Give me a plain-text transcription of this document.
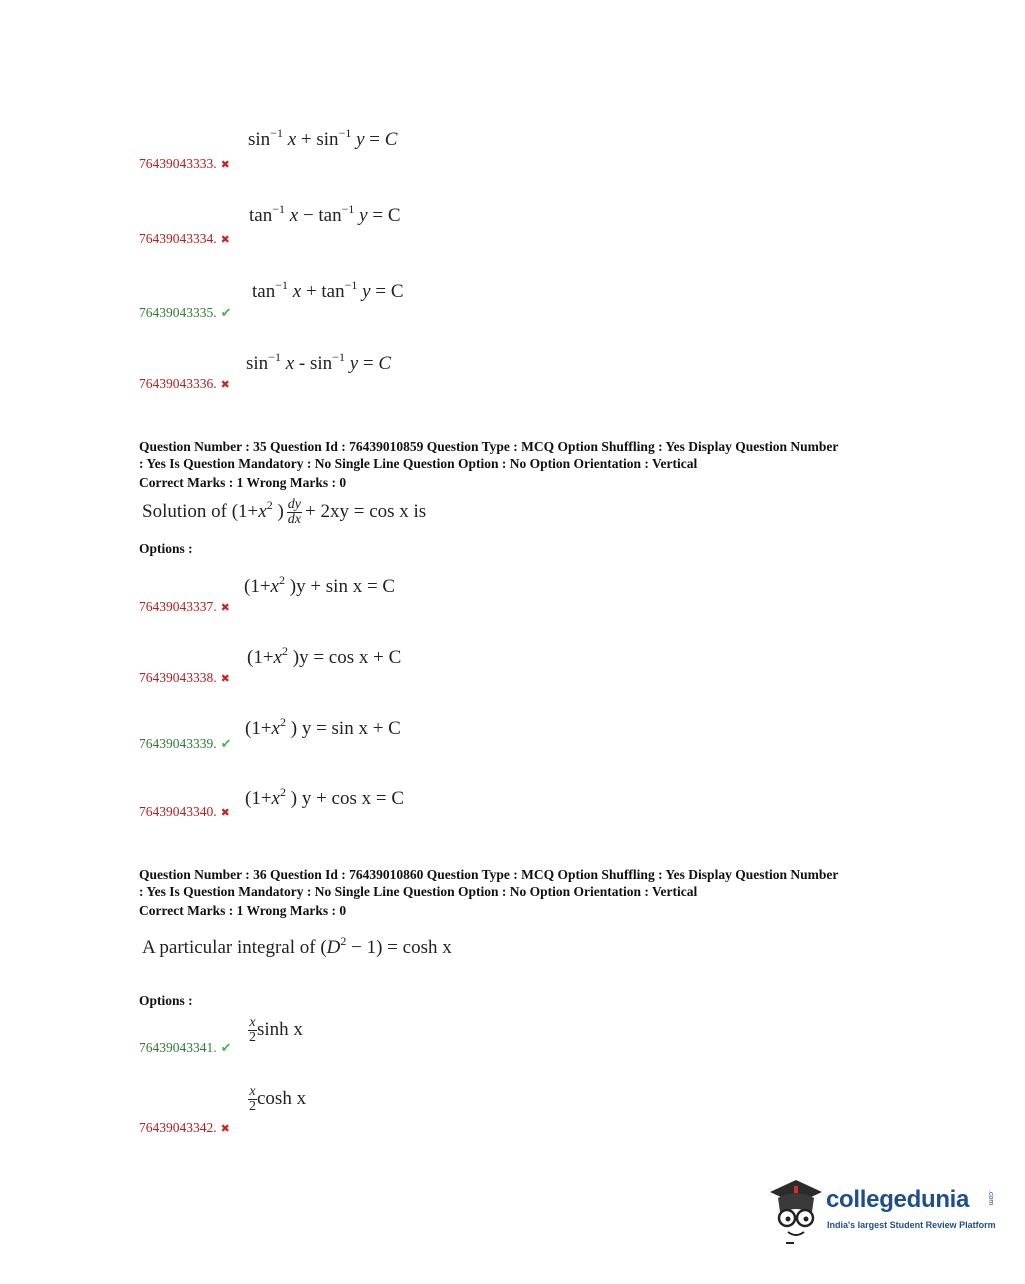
$\sin^{-1} x + \sin^{-1} y = C$
76439043333. ✖
$\tan^{-1} x - \tan^{-1} y = C$
76439043334. ✖
$\tan^{-1} x + \tan^{-1} y = C$
76439043335. ✔
$\sin^{-1} x - \sin^{-1} y = C$
76439043336. ✖
Question Number : 35 Question Id : 76439010859 Question Type : MCQ Option Shuffling : Yes Display Question Number
: Yes Is Question Mandatory : No Single Line Question Option : No Option Orientation : Vertical
Correct Marks : 1 Wrong Marks : 0
Solution of ($1+x^2$ ) $\frac{dy}{dx} + 2xy = \cos x$ is
Options :
($1+x^2$ )y + sin x = C
76439043337. ✖
($1+x^2$ )y = cos x + C
76439043338. ✖
($1+x^2$ ) y = sin x + C
76439043339. ✔
($1+x^2$ ) y + cos x = C
76439043340. ✖
Question Number : 36 Question Id : 76439010860 Question Type : MCQ Option Shuffling : Yes Display Question Number
: Yes Is Question Mandatory : No Single Line Question Option : No Option Orientation : Vertical
Correct Marks : 1 Wrong Marks : 0
A particular integral of $(D^2 - 1) = \cosh x$
Options :
$\frac{x}{2}$ sinh x
76439043341. ✔
$\frac{x}{2}$ cosh x
76439043342. ✖
collegedunia	.com
India's largest Student Review Platform
